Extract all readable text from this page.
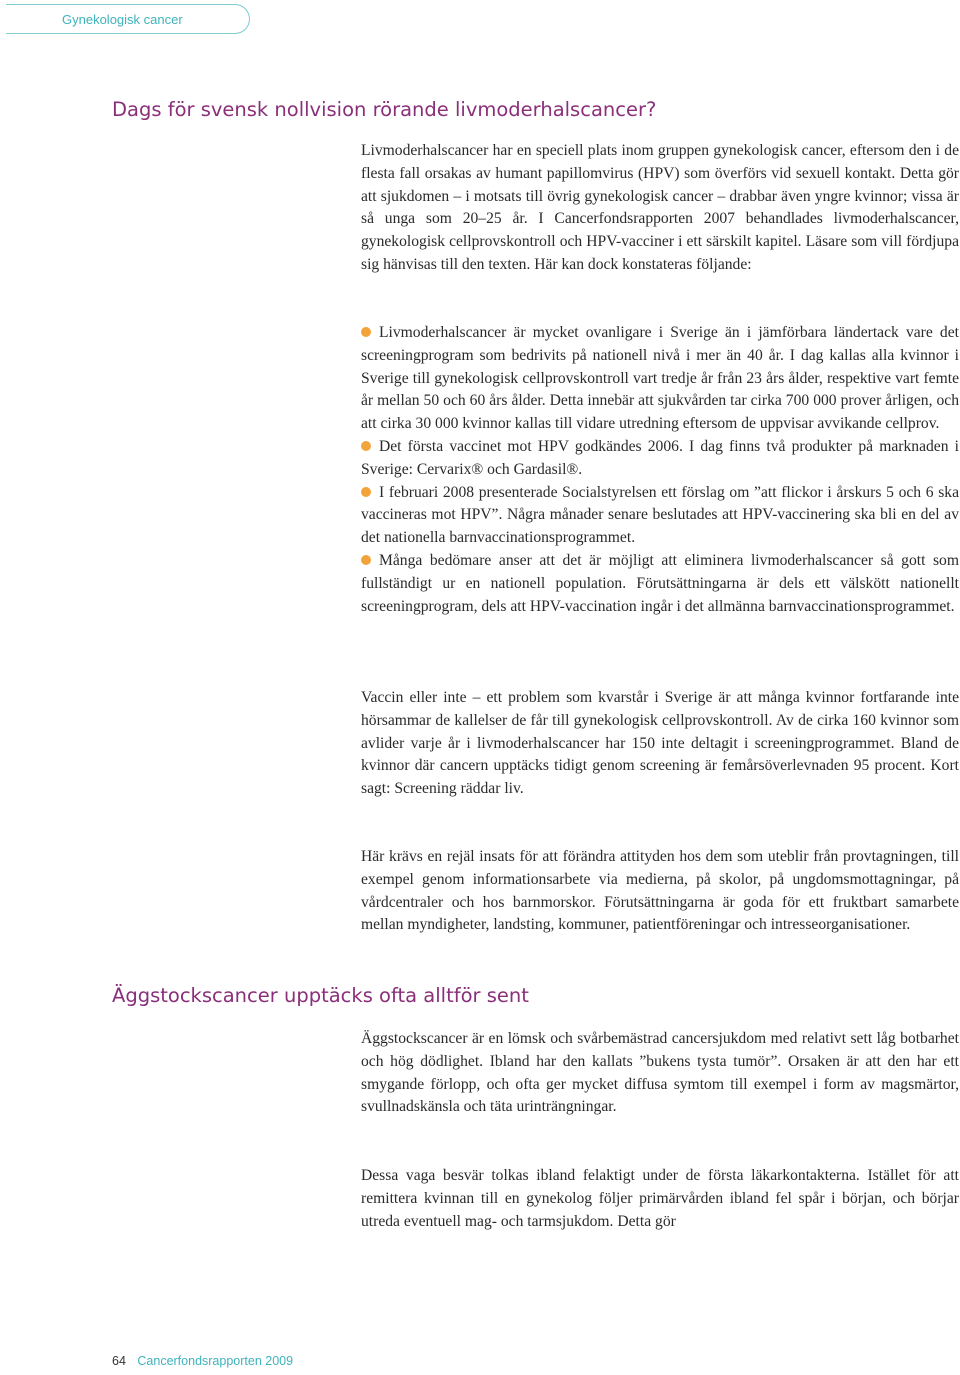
Gynekologisk cancer
Dags för svensk nollvision rörande livmoderhalscancer?

Livmoderhalscancer har en speciell plats inom gruppen gynekologisk cancer, eftersom den i de flesta fall orsakas av humant papillomvirus (HPV) som överförs vid sexuell kontakt. Detta gör att sjukdomen – i motsats till övrig gynekologisk cancer – drabbar även yngre kvinnor; vissa är så unga som 20–25 år. I Cancerfondsrapporten 2007 behandlades livmoderhalscancer, gynekologisk cellprovskontroll och HPV-vacciner i ett särskilt kapitel. Läsare som vill fördjupa sig hänvisas till den texten. Här kan dock konstateras följande:

Livmoderhalscancer är mycket ovanligare i Sverige än i jämförbara ländertack vare det screeningprogram som bedrivits på nationell nivå i mer än 40 år. I dag kallas alla kvinnor i Sverige till gynekologisk cellprovskontroll vart tredje år från 23 års ålder, respektive vart femte år mellan 50 och 60 års ålder. Detta innebär att sjukvården tar cirka 700 000 prover årligen, och att cirka 30 000 kvinnor kallas till vidare utredning eftersom de uppvisar avvikande cellprov.

Det första vaccinet mot HPV godkändes 2006. I dag finns två produkter på marknaden i Sverige: Cervarix® och Gardasil®.

I februari 2008 presenterade Socialstyrelsen ett förslag om ”att flickor i årskurs 5 och 6 ska vaccineras mot HPV”. Några månader senare beslutades att HPV-vaccinering ska bli en del av det nationella barnvaccinationsprogrammet.

Många bedömare anser att det är möjligt att eliminera livmoderhalscancer så gott som fullständigt ur en nationell population. Förutsättningarna är dels ett välskött nationellt screeningprogram, dels att HPV-vaccination ingår i det allmänna barnvaccinationsprogrammet.

Vaccin eller inte – ett problem som kvarstår i Sverige är att många kvinnor fortfarande inte hörsammar de kallelser de får till gynekologisk cellprovskontroll. Av de cirka 160 kvinnor som avlider varje år i livmoderhalscancer har 150 inte deltagit i screeningprogrammet. Bland de kvinnor där cancern upptäcks tidigt genom screening är femårsöverlevnaden 95 procent. Kort sagt: Screening räddar liv.

Här krävs en rejäl insats för att förändra attityden hos dem som uteblir från provtagningen, till exempel genom informationsarbete via medierna, på skolor, på ungdomsmottagningar, på vårdcentraler och hos barnmorskor. Förutsättningarna är goda för ett fruktbart samarbete mellan myndigheter, landsting, kommuner, patientföreningar och intresseorganisationer.

Äggstockscancer upptäcks ofta alltför sent

Äggstockscancer är en lömsk och svårbemästrad cancersjukdom med relativt sett låg botbarhet och hög dödlighet. Ibland har den kallats ”bukens tysta tumör”. Orsaken är att den har ett smygande förlopp, och ofta ger mycket diffusa symtom till exempel i form av magsmärtor, svullnadskänsla och täta urinträngningar.

Dessa vaga besvär tolkas ibland felaktigt under de första läkarkontakterna. Istället för att remittera kvinnan till en gynekolog följer primärvården ibland fel spår i början, och börjar utreda eventuell mag- och tarmsjukdom. Detta gör

64 Cancerfondsrapporten 2009
